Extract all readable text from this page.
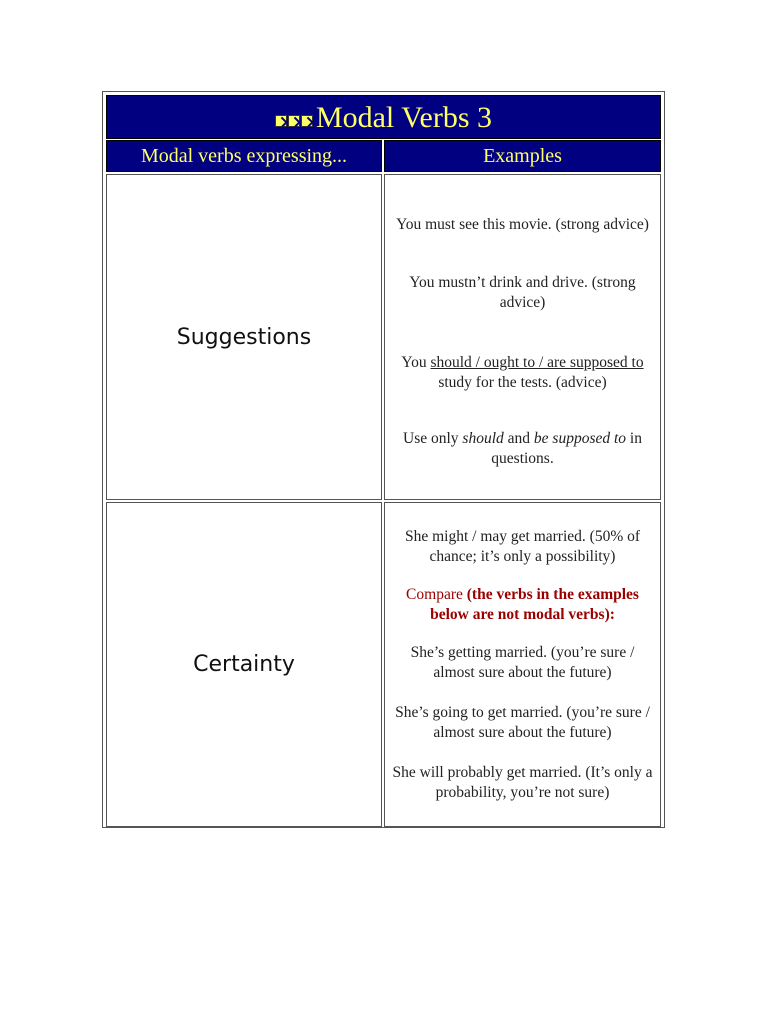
Modal Verbs 3
Modal verbs expressing...	Examples
Suggestions

You must see this movie. (strong advice)

You mustn’t drink and drive. (strong advice)

You should / ought to / are supposed to study for the tests. (advice)

Use only should and be supposed to in questions.

Certainty

She might / may get married. (50% of chance; it’s only a possibility)

Compare (the verbs in the examples below are not modal verbs):

She’s getting married. (you’re sure / almost sure about the future)

She’s going to get married. (you’re sure / almost sure about the future)

She will probably get married. (It’s only a probability, you’re not sure)
